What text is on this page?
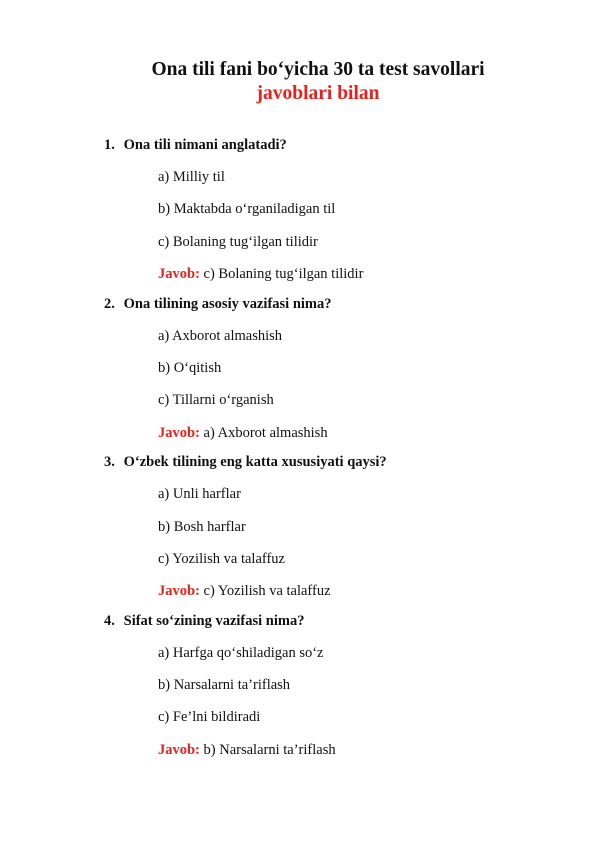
Ona tili fani bo‘yicha 30 ta test savollari
javoblari bilan
1. Ona tili nimani anglatadi?
a) Milliy til
b) Maktabda o‘rganiladigan til
c) Bolaning tug‘ilgan tilidir
Javob: c) Bolaning tug‘ilgan tilidir
2. Ona tilining asosiy vazifasi nima?
a) Axborot almashish
b) O‘qitish
c) Tillarni o‘rganish
Javob: a) Axborot almashish
3. O‘zbek tilining eng katta xususiyati qaysi?
a) Unli harflar
b) Bosh harflar
c) Yozilish va talaffuz
Javob: c) Yozilish va talaffuz
4. Sifat so‘zining vazifasi nima?
a) Harfga qo‘shiladigan so‘z
b) Narsalarni ta’riflash
c) Fe’lni bildiradi
Javob: b) Narsalarni ta’riflash
